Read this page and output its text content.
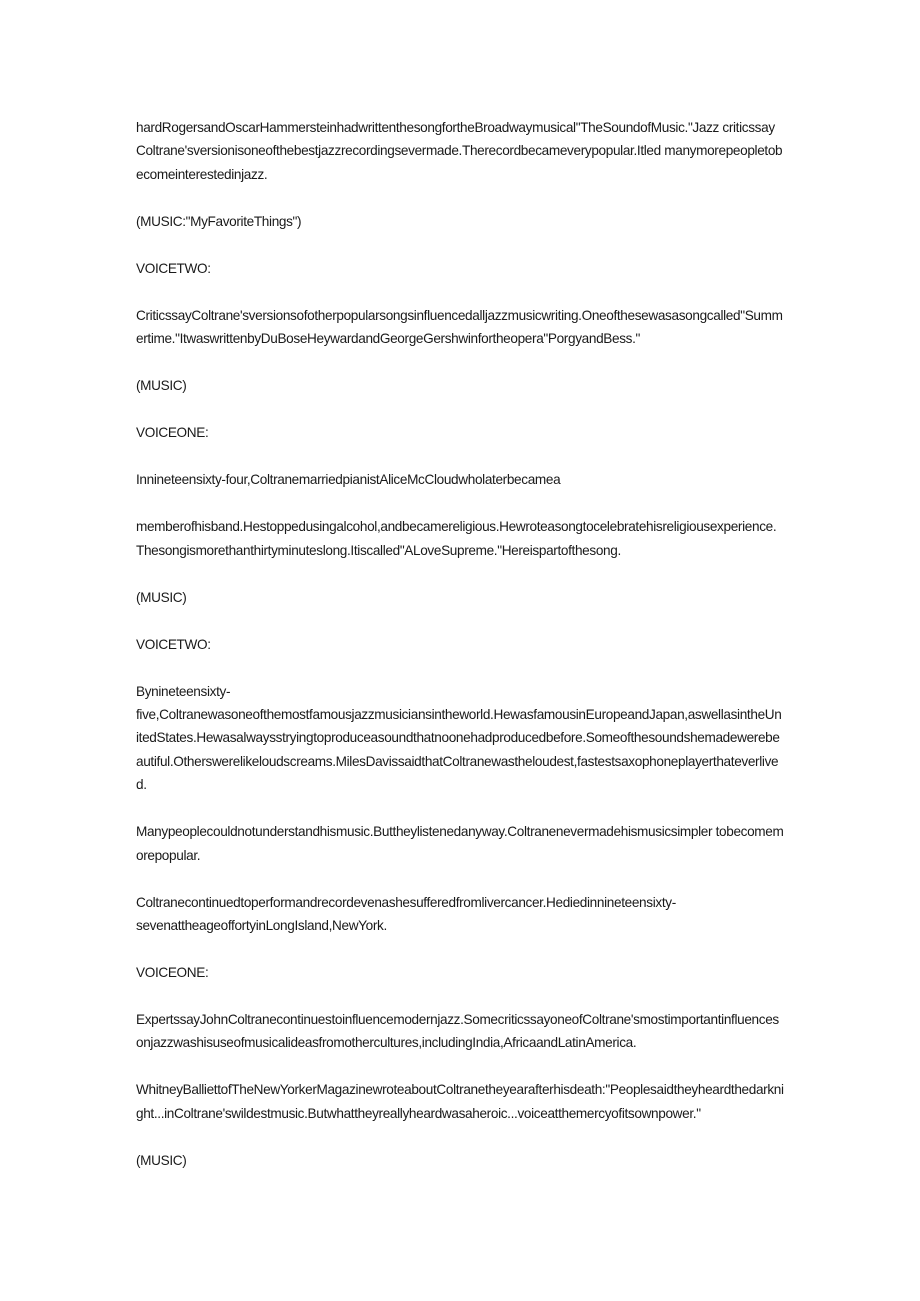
hardRogersandOscarHammersteinhadwrittenthesongfortheBroadwaymusical"TheSoundofMusic."Jazz criticssayColtrane'sversionisoneofthebestjazzrecordingsevermade.Therecordbecameverypopular.Itled manymorepeopletobecomeinterestedinjazz.

(MUSIC:"MyFavoriteThings")

VOICETWO:

CriticssayColtrane'sversionsofotherpopularsongsinfluencedalljazzmusicwriting.Oneofthesewasasongcalled"Summertime."ItwaswrittenbyDuBoseHeywardandGeorgeGershwinfortheopera"PorgyandBess."

(MUSIC)

VOICEONE:

Innineteensixty-four,ColtranemarriedpianistAliceMcCloudwholaterbecamea

memberofhisband.Hestoppedusingalcohol,andbecamereligious.Hewroteasongtocelebratehisreligiousexperience.Thesongismorethanthirtyminuteslong.Itiscalled"ALoveSupreme."Hereispartofthesong.

(MUSIC)

VOICETWO:

Bynineteensixty-
five,Coltranewasoneofthemostfamousjazzmusiciansintheworld.HewasfamousinEuropeandJapan,aswellasintheUnitedStates.Hewasalwaysstryingtoproduceasoundthatnoonehadproducedbefore.Someofthesoundshemadewerebeautiful.Otherswerelikeloudscreams.MilesDavissaidthatColtranewastheloudest,fastestsaxophoneplayerthateverlived.

Manypeoplecouldnotunderstandhismusic.Buttheylistenedanyway.Coltranenevermadehismusicsimpler tobecomemorepopular.

Coltranecontinuedtoperformandrecordevenashesufferedfromlivercancer.Hediedinnineteensixty-
sevenattheageoffortyinLongIsland,NewYork.

VOICEONE:

ExpertssayJohnColtranecontinuestoinfluencemodernjazz.SomecriticssayoneofColtrane'smostimportantinfluencesonjazzwashisuseofmusicalideasfromothercultures,includingIndia,AfricaandLatinAmerica.

WhitneyBalliettofTheNewYorkerMagazinewroteaboutColtranetheyearafterhisdeath:"Peoplesaidtheyheardthedarknight...inColtrane'swildestmusic.Butwhattheyreallyheardwasaheroic...voiceatthemercyofitsownpower."

(MUSIC)
